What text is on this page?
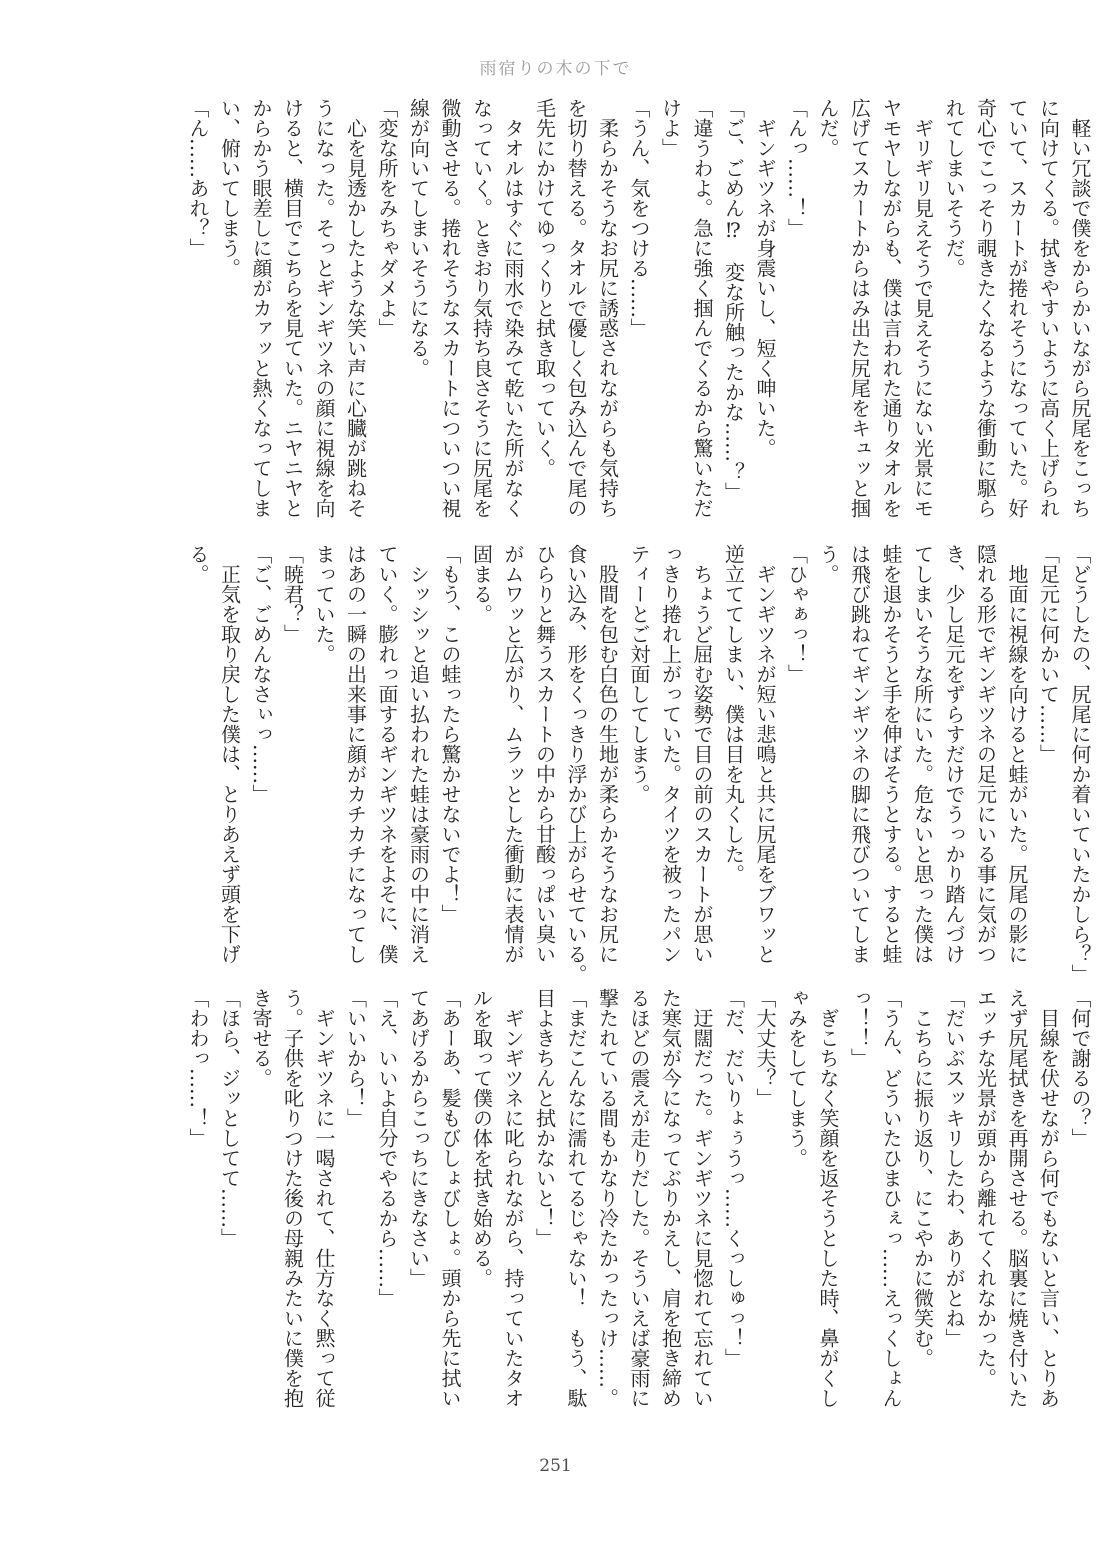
雨宿りの木の下で

　軽い冗談で僕をからかいながら尻尾をこっち

に向けてくる。拭きやすいように高く上げられ

ていて、スカートが捲れそうになっていた。好

奇心でこっそり覗きたくなるような衝動に駆ら

れてしまいそうだ。

　ギリギリ見えそうで見えそうにない光景にモ

ヤモヤしながらも、僕は言われた通りタオルを

広げてスカートからはみ出た尻尾をキュッと掴

んだ。

「んっ……！」

　ギンギツネが身震いし、短く呻いた。

「ご、ごめん⁉　変な所触ったかな……？」

「違うわよ。急に強く掴んでくるから驚いただ

けよ」

「うん、気をつける……」

　柔らかそうなお尻に誘惑されながらも気持ち

を切り替える。タオルで優しく包み込んで尾の

毛先にかけてゆっくりと拭き取っていく。

　タオルはすぐに雨水で染みて乾いた所がなく

なっていく。ときおり気持ち良さそうに尻尾を

微動させる。捲れそうなスカートについつい視

線が向いてしまいそうになる。

「変な所をみちゃダメよ」

　心を見透かしたような笑い声に心臓が跳ねそ

うになった。そっとギンギツネの顔に視線を向

けると、横目でこちらを見ていた。ニヤニヤと

からかう眼差しに顔がカァッと熱くなってしま

い、俯いてしまう。

「ん……あれ？」

「どうしたの、尻尾に何か着いていたかしら？」

「足元に何かいて……」

　地面に視線を向けると蛙がいた。尻尾の影に

隠れる形でギンギツネの足元にいる事に気がつ

き、少し足元をずらすだけでうっかり踏んづけ

てしまいそうな所にいた。危ないと思った僕は

蛙を退かそうと手を伸ばそうとする。すると蛙

は飛び跳ねてギンギツネの脚に飛びついてしま

う。

「ひゃぁっ！」

　ギンギツネが短い悲鳴と共に尻尾をブワッと

逆立ててしまい、僕は目を丸くした。

　ちょうど屈む姿勢で目の前のスカートが思い

っきり捲れ上がっていた。タイツを被ったパン

ティーとご対面してしまう。

　股間を包む白色の生地が柔らかそうなお尻に

食い込み、形をくっきり浮かび上がらせている。

ひらりと舞うスカートの中から甘酸っぱい臭い

がムワッと広がり、ムラッとした衝動に表情が

固まる。

「もう、この蛙ったら驚かせないでよ！」

　シッシッと追い払われた蛙は豪雨の中に消え

ていく。膨れっ面するギンギツネをよそに、僕

はあの一瞬の出来事に顔がカチカチになってし

まっていた。

「暁君？」

「ご、ごめんなさぃっ……」

　正気を取り戻した僕は、とりあえず頭を下げ

る。

「何で謝るの？」

　目線を伏せながら何でもないと言い、とりあ

えず尻尾拭きを再開させる。脳裏に焼き付いた

エッチな光景が頭から離れてくれなかった。

「だいぶスッキリしたわ、ありがとね」

　こちらに振り返り、にこやかに微笑む。

「うん、どういたひまひぇっ……えっくしょん

っ！！」

　ぎこちなく笑顔を返そうとした時、鼻がくし

ゃみをしてしまう。

「大丈夫？」

「だ、だいりょぅうっ……くっしゅっ！」

　迂闊だった。ギンギツネに見惚れて忘れてい

た寒気が今になってぶりかえし、肩を抱き締め

るほどの震えが走りだした。そういえば豪雨に

撃たれている間もかなり冷たかったっけ……。

「まだこんなに濡れてるじゃない！　もう、駄

目よきちんと拭かないと！」

　ギンギツネに叱られながら、持っていたタオ

ルを取って僕の体を拭き始める。

「あーあ、髪もびしょびしょ。頭から先に拭い

てあげるからこっちにきなさい」

「え、いいよ自分でやるから……」

「いいから！」

　ギンギツネに一喝されて、仕方なく黙って従

う。子供を叱りつけた後の母親みたいに僕を抱

き寄せる。

「ほら、ジッとしてて……」

「わわっ……！」

251
